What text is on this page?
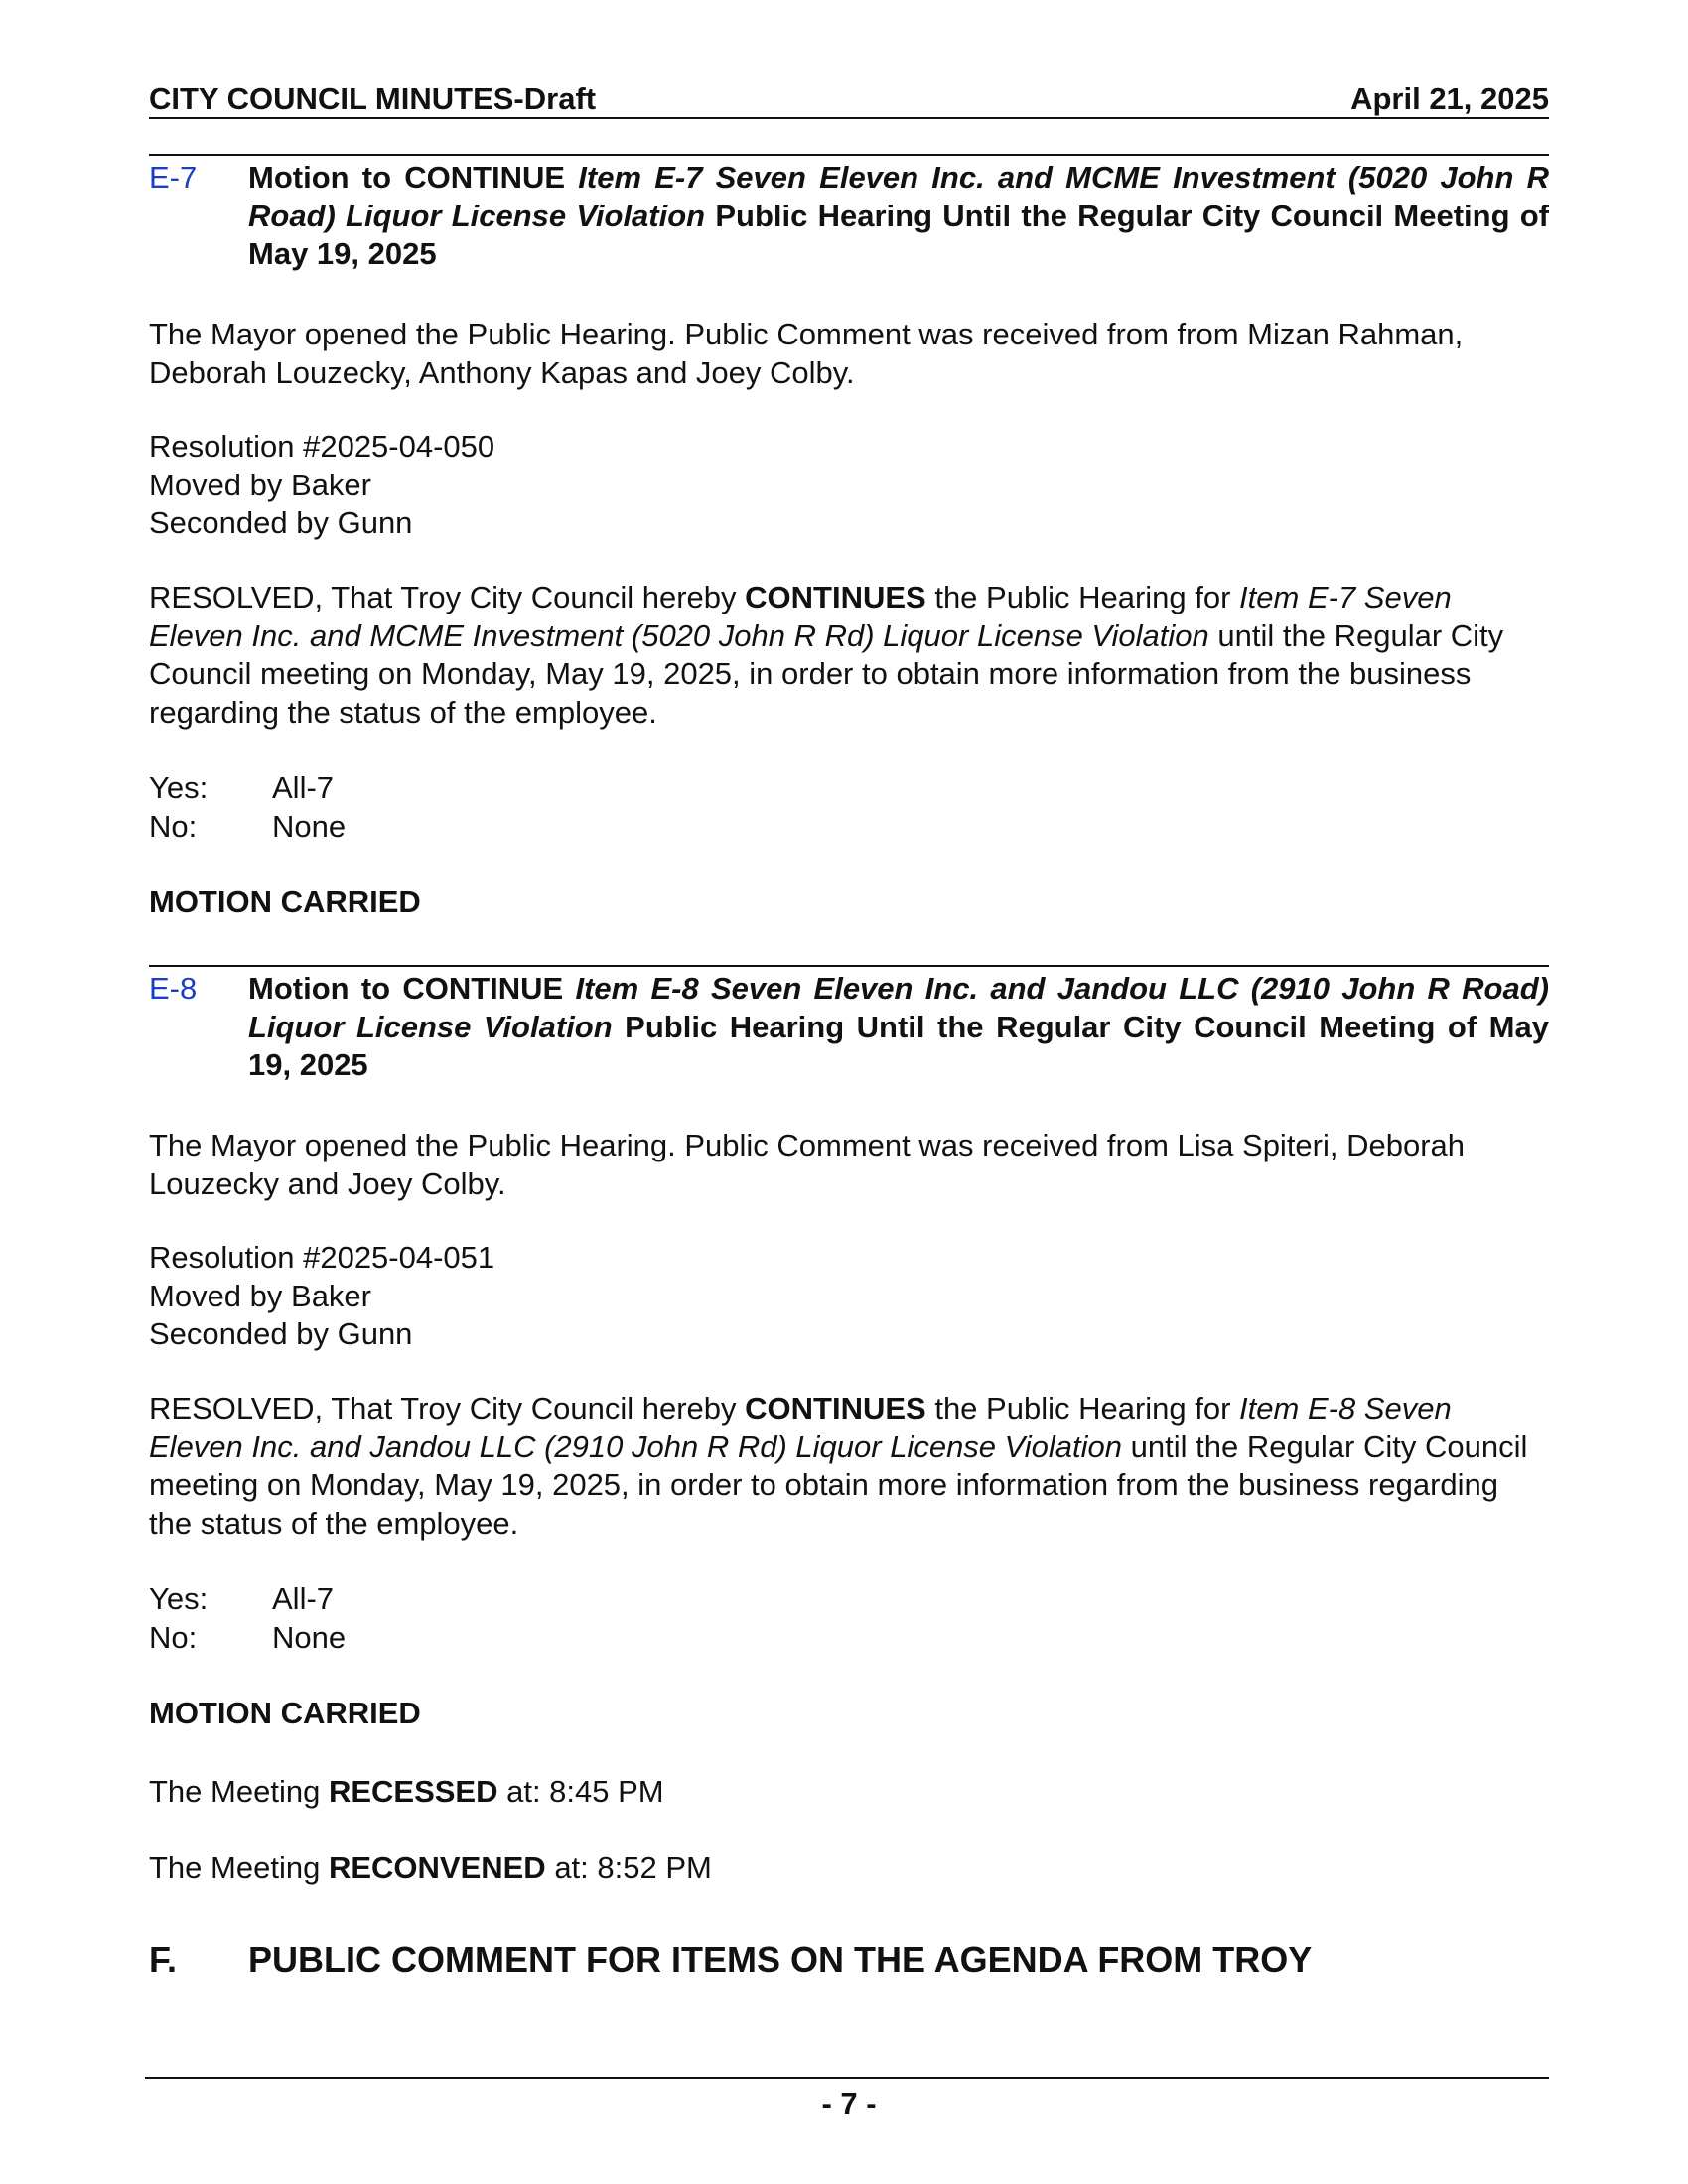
CITY COUNCIL MINUTES-Draft	April 21, 2025
E-7	Motion to CONTINUE Item E-7 Seven Eleven Inc. and MCME Investment (5020 John R Road) Liquor License Violation Public Hearing Until the Regular City Council Meeting of May 19, 2025
The Mayor opened the Public Hearing. Public Comment was received from from Mizan Rahman, Deborah Louzecky, Anthony Kapas and Joey Colby.

Resolution #2025-04-050

Moved by Baker

Seconded by Gunn

RESOLVED, That Troy City Council hereby CONTINUES the Public Hearing for Item E-7 Seven Eleven Inc. and MCME Investment (5020 John R Rd) Liquor License Violation until the Regular City Council meeting on Monday, May 19, 2025, in order to obtain more information from the business regarding the status of the employee.
Yes:	All-7
No:	None
MOTION CARRIED
E-8	Motion to CONTINUE Item E-8 Seven Eleven Inc. and Jandou LLC (2910 John R Road) Liquor License Violation Public Hearing Until the Regular City Council Meeting of May 19, 2025
The Mayor opened the Public Hearing. Public Comment was received from Lisa Spiteri, Deborah Louzecky and Joey Colby.

Resolution #2025-04-051

Moved by Baker

Seconded by Gunn

RESOLVED, That Troy City Council hereby CONTINUES the Public Hearing for Item E-8 Seven Eleven Inc. and Jandou LLC (2910 John R Rd) Liquor License Violation until the Regular City Council meeting on Monday, May 19, 2025, in order to obtain more information from the business regarding the status of the employee.
Yes:	All-7
No:	None
MOTION CARRIED
The Meeting RECESSED at: 8:45 PM
The Meeting RECONVENED at: 8:52 PM
F.	PUBLIC COMMENT FOR ITEMS ON THE AGENDA FROM TROY
- 7 -
